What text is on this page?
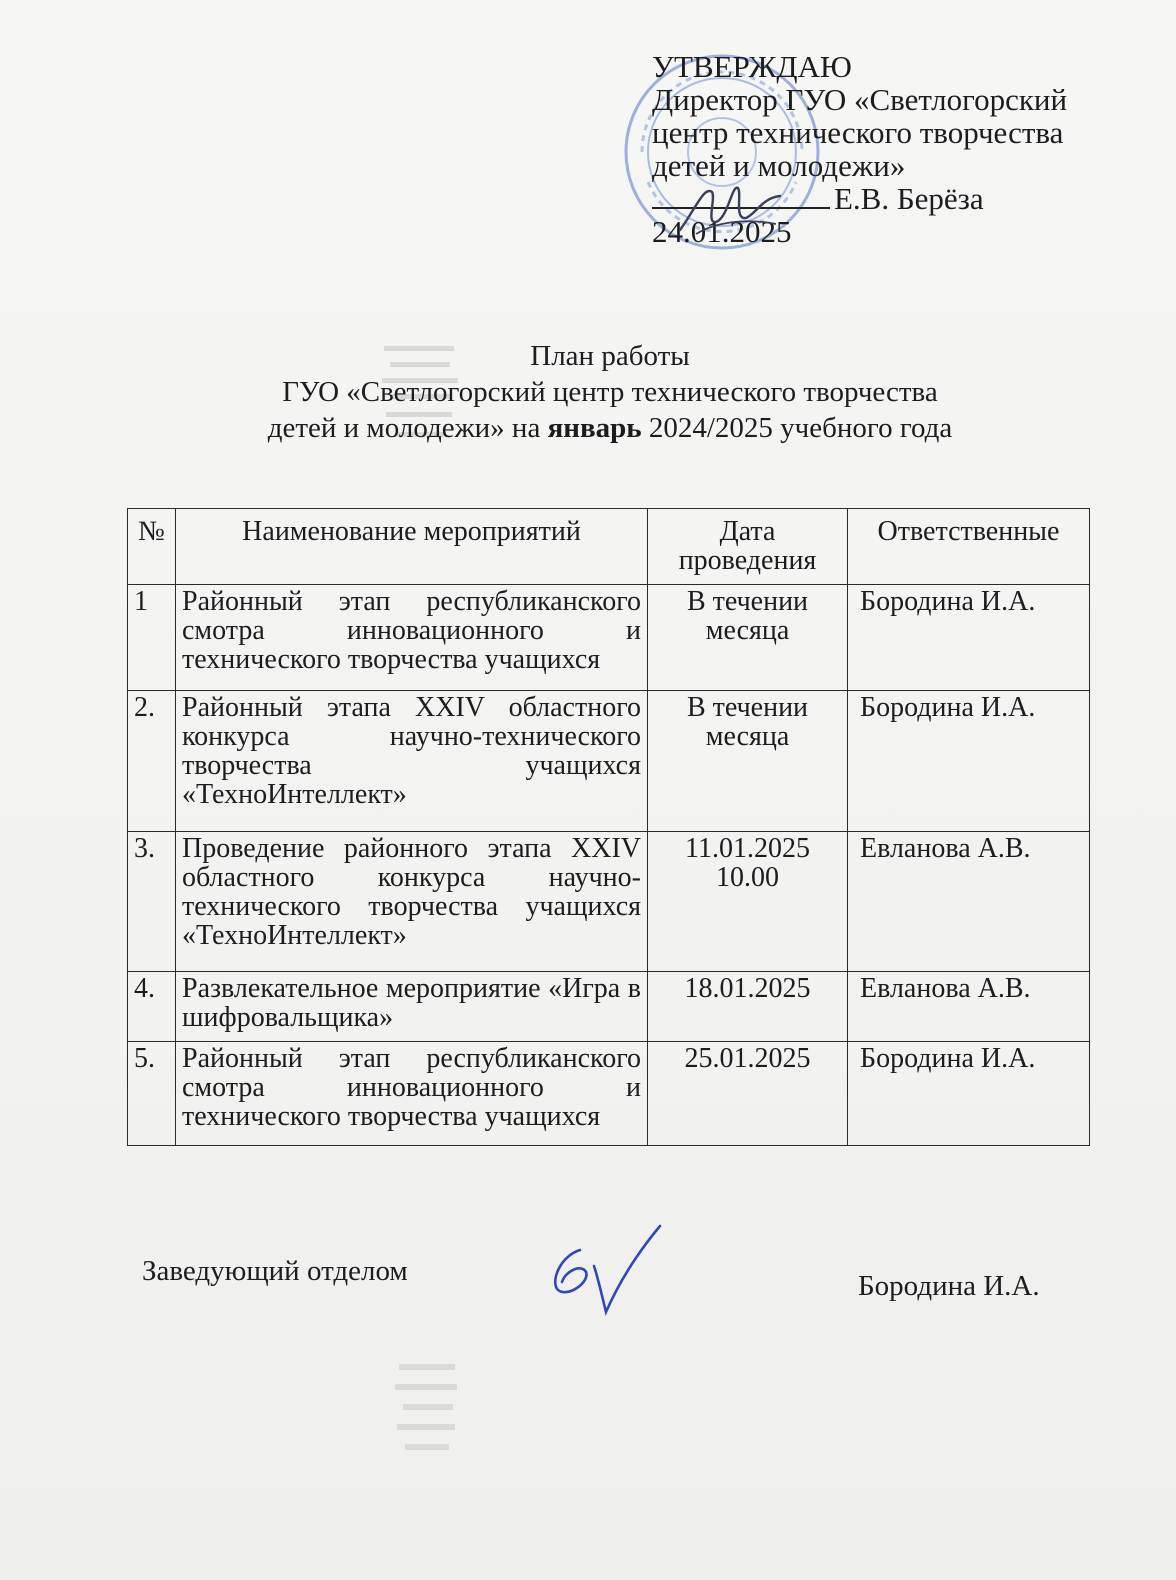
УТВЕРЖДАЮ
Директор ГУО «Светлогорский
центр технического творчества
детей и молодежи»
Е.В. Берёза
24.01.2025
План работы
ГУО «Светлогорский центр технического творчества
детей и молодежи» на январь 2024/2025 учебного года
№	Наименование мероприятий	Дата проведения	Ответственные
1	Районный этап республиканского смотра инновационного и технического творчества учащихся	В течении месяца	Бородина И.А.
2.	Районный этапа XXIV областного конкурса научно-технического творчества учащихся «ТехноИнтеллект»	В течении месяца	Бородина И.А.
3.	Проведение районного этапа XXIV областного конкурса научно-технического творчества учащихся «ТехноИнтеллект»	11.01.2025 10.00	Евланова А.В.
4.	Развлекательное мероприятие «Игра в шифровальщика»	18.01.2025	Евланова А.В.
5.	Районный этап республиканского смотра инновационного и технического творчества учащихся	25.01.2025	Бородина И.А.
Заведующий отделом	Бородина И.А.
